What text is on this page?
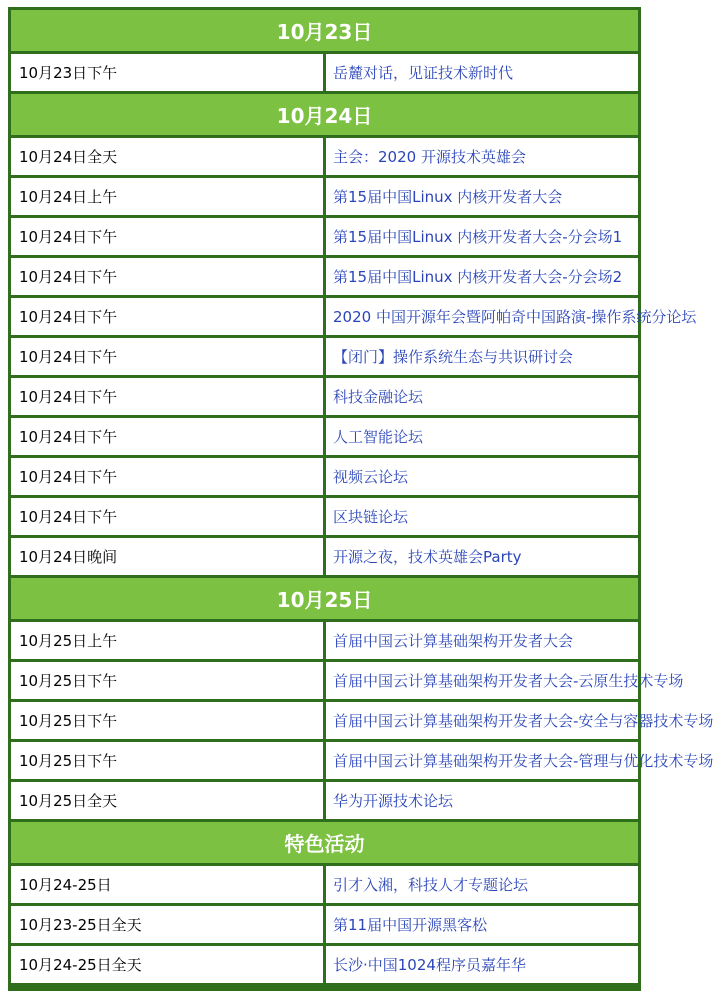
10月23日	
10月23日下午	岳麓对话，见证技术新时代
10月24日	
10月24日全天	主会：2020 开源技术英雄会
10月24日上午	第15届中国Linux 内核开发者大会
10月24日下午	第15届中国Linux 内核开发者大会-分会场1
10月24日下午	第15届中国Linux 内核开发者大会-分会场2
10月24日下午	2020 中国开源年会暨阿帕奇中国路演-操作系统分论坛
10月24日下午	【闭门】操作系统生态与共识研讨会
10月24日下午	科技金融论坛
10月24日下午	人工智能论坛
10月24日下午	视频云论坛
10月24日下午	区块链论坛
10月24日晚间	开源之夜，技术英雄会Party
10月25日	
10月25日上午	首届中国云计算基础架构开发者大会
10月25日下午	首届中国云计算基础架构开发者大会-云原生技术专场
10月25日下午	首届中国云计算基础架构开发者大会-安全与容器技术专场
10月25日下午	首届中国云计算基础架构开发者大会-管理与优化技术专场
10月25日全天	华为开源技术论坛
特色活动	
10月24-25日	引才入湘，科技人才专题论坛
10月23-25日全天	第11届中国开源黑客松
10月24-25日全天	长沙·中国1024程序员嘉年华
